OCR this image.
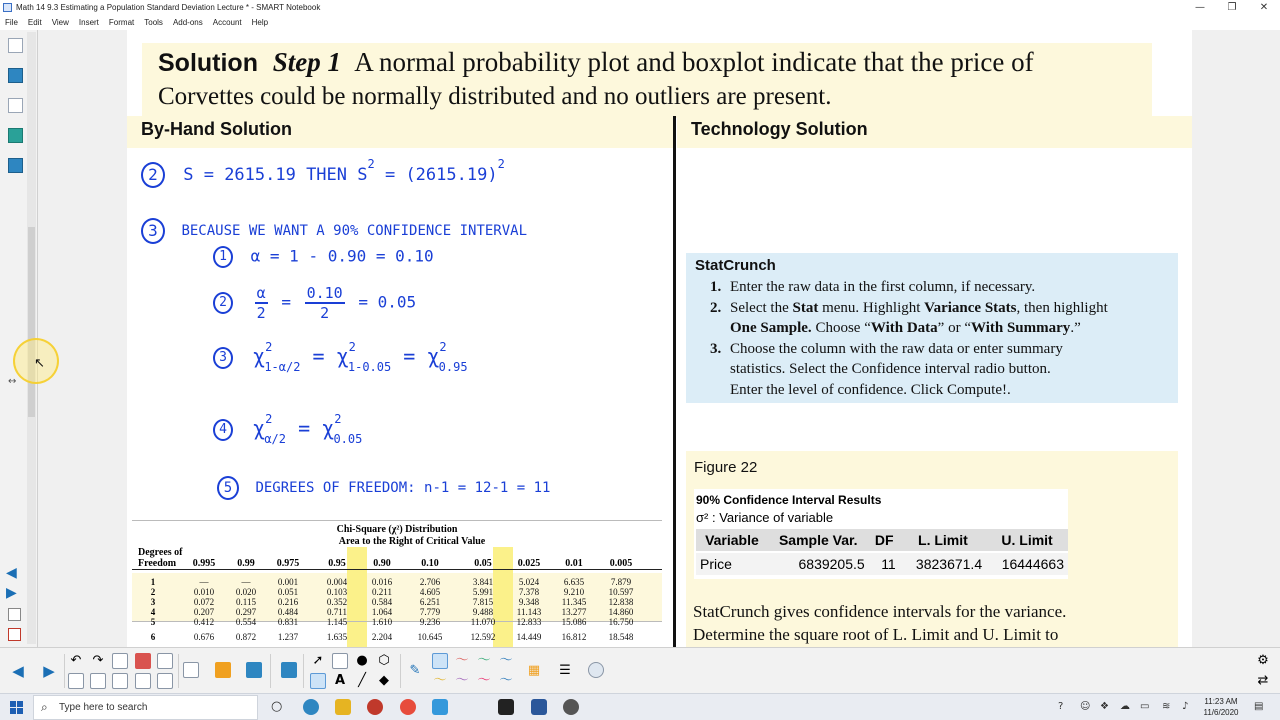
Math 14 9.3 Estimating a Population Standard Deviation Lecture * - SMART Notebook	—	❐	✕
File	Edit	View	Insert	Format	Tools	Add-ons	Account	Help
◀
▶
↔
Solution Step 1 A normal probability plot and boxplot indicate that the price of
Corvettes could be normally distributed and no outliers are present.
By-Hand Solution	Technology Solution
2 S = 2615.19 THEN $S^2 = (2615.19)^2$
3 BECAUSE WE WANT A 90% CONFIDENCE INTERVAL
1 α = 1 - 0.90 = 0.10
$2 \frac{\alpha}{2} = \frac{0.10}{2} = 0.05$
3 $\chi^2_{1-\alpha/2} = \chi^2_{1-0.05} = \chi^2_{0.95}$
4 $\chi^2_{\alpha/2} = \chi^2_{0.05}$
5 DEGREES OF FREEDOM: n-1 = 12-1 = 11
Chi-Square (χ²) Distribution
Area to the Right of Critical Value
Degrees of
Freedom	0.995	0.99	0.975	0.95	0.90	0.10	0.05	0.025	0.01	0.005
1	—	—	0.001	0.004	0.016	2.706	3.841	5.024	6.635	7.879
2	0.010	0.020	0.051	0.103	0.211	4.605	5.991	7.378	9.210	10.597
3	0.072	0.115	0.216	0.352	0.584	6.251	7.815	9.348	11.345	12.838
4	0.207	0.297	0.484	0.711	1.064	7.779	9.488	11.143	13.277	14.860
5	0.412	0.554	0.831	1.145	1.610	9.236	11.070	12.833	15.086	16.750
6	0.676	0.872	1.237	1.635	2.204	10.645	12.592	14.449	16.812	18.548
StatCrunch
1. Enter the raw data in the first column, if necessary.
2. Select the Stat menu. Highlight Variance Stats, then highlight
One Sample. Choose “With Data” or “With Summary.”
3. Choose the column with the raw data or enter summary
statistics. Select the Confidence interval radio button.
Enter the level of confidence. Click Compute!.
Figure 22
90% Confidence Interval Results
σ² : Variance of variable
Variable	Sample Var.	DF	L. Limit	U. Limit
Price	6839205.5	11	3823671.4	16444663
StatCrunch gives confidence intervals for the variance.
Determine the square root of L. Limit and U. Limit to
↖
◀ ▶
↶ ↷	➚	● ⬡
A	╱	◆
✎
〜 〜 〜
〜 〜 〜 〜
▦ ☰
⚙
⇄
⌕ Type here to search	○	? ☺ ❖ ☁ ▭ ≋ ♪	11:23 AM
11/6/2020
▤
